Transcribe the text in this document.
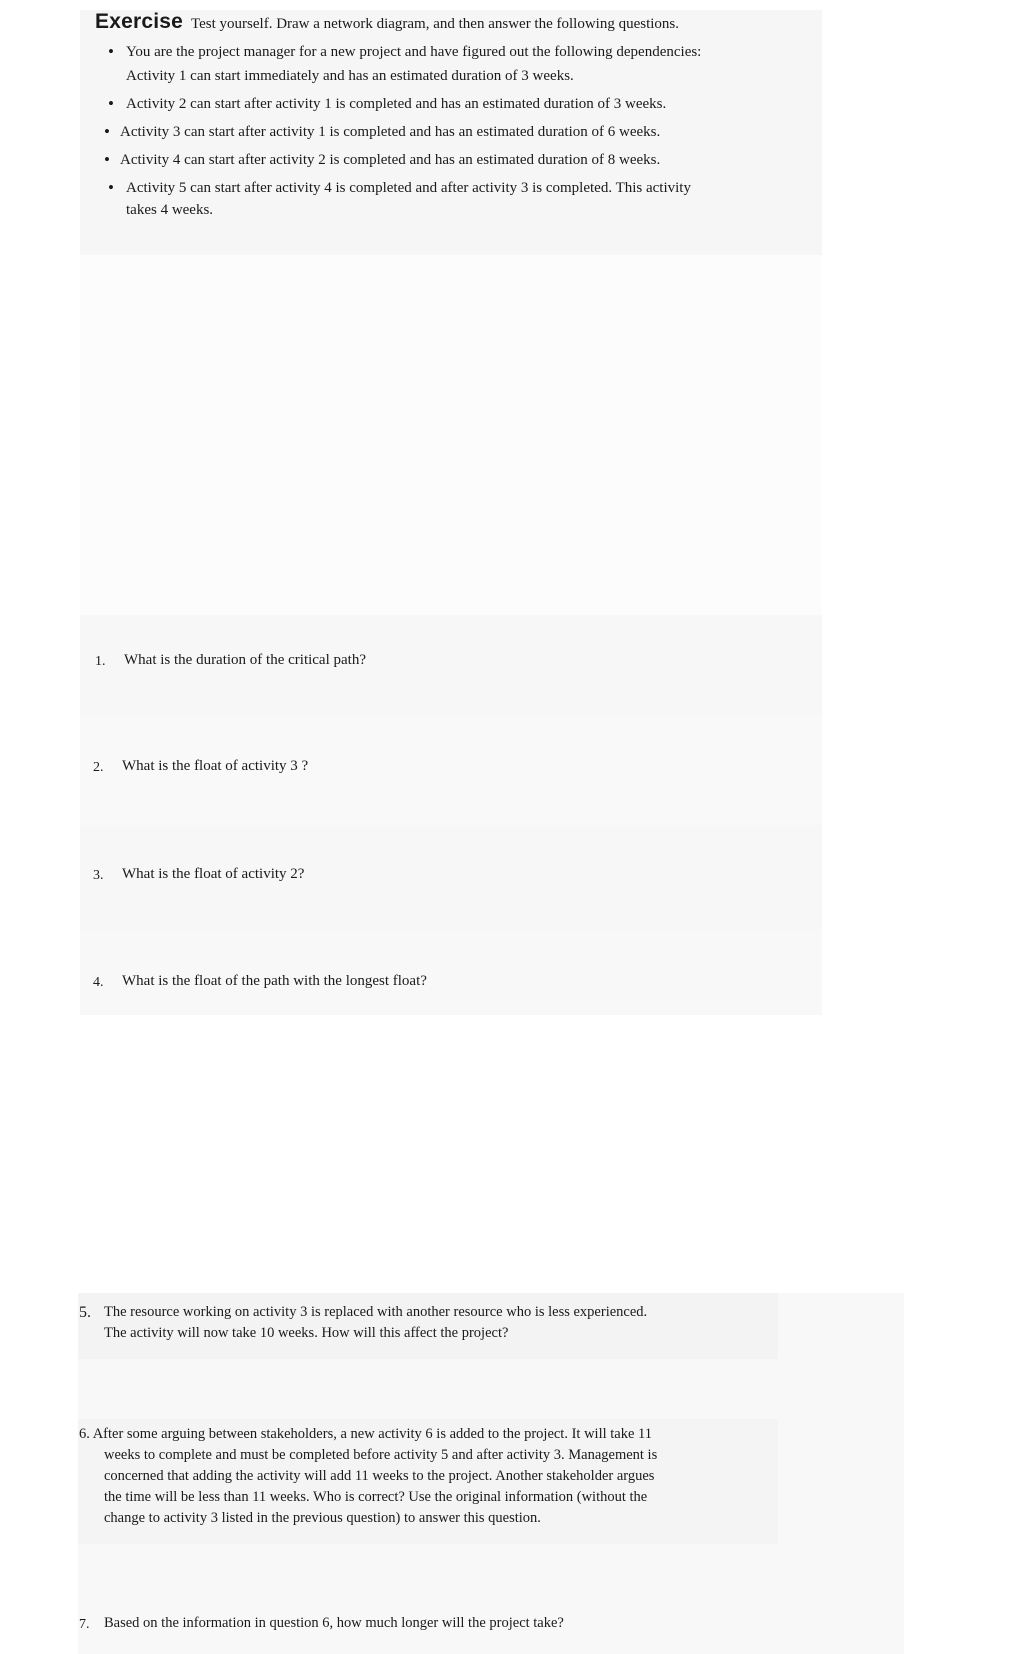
Exercise Test yourself. Draw a network diagram, and then answer the following questions.
• You are the project manager for a new project and have figured out the following dependencies:
Activity 1 can start immediately and has an estimated duration of 3 weeks.
• Activity 2 can start after activity 1 is completed and has an estimated duration of 3 weeks.
• Activity 3 can start after activity 1 is completed and has an estimated duration of 6 weeks.
• Activity 4 can start after activity 2 is completed and has an estimated duration of 8 weeks.
• Activity 5 can start after activity 4 is completed and after activity 3 is completed. This activity
takes 4 weeks.
1. What is the duration of the critical path?
2. What is the float of activity 3 ?
3. What is the float of activity 2?
4. What is the float of the path with the longest float?
5. The resource working on activity 3 is replaced with another resource who is less experienced.
The activity will now take 10 weeks. How will this affect the project?
6. After some arguing between stakeholders, a new activity 6 is added to the project. It will take 11
weeks to complete and must be completed before activity 5 and after activity 3. Management is
concerned that adding the activity will add 11 weeks to the project. Another stakeholder argues
the time will be less than 11 weeks. Who is correct? Use the original information (without the
change to activity 3 listed in the previous question) to answer this question.
7. Based on the information in question 6, how much longer will the project take?
